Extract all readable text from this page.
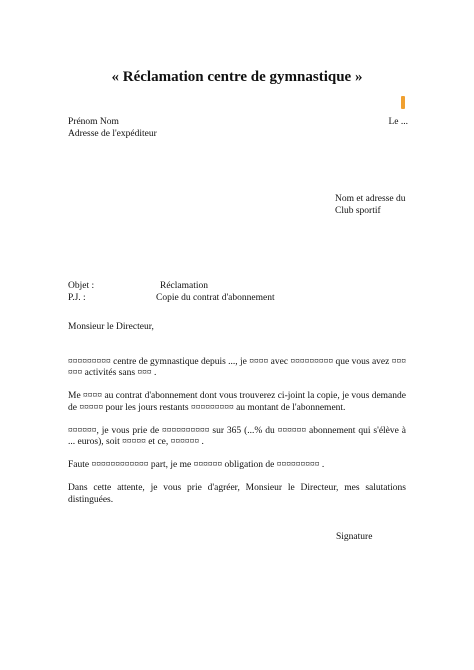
« Réclamation centre de gymnastique »
Prénom Nom
Adresse de l'expéditeur
Le ...
Nom et adresse du
Club sportif
Objet :	Réclamation
P.J. :	Copie du contrat d'abonnement

Monsieur le Directeur,

¤¤¤¤¤¤¤¤¤ centre de gymnastique depuis ..., je ¤¤¤¤ avec ¤¤¤¤¤¤¤¤¤ que vous avez ¤¤¤¤¤¤ activités sans ¤¤¤ .

Me ¤¤¤¤ au contrat d'abonnement dont vous trouverez ci-joint la copie, je vous demande de ¤¤¤¤¤ pour les jours restants ¤¤¤¤¤¤¤¤¤ au montant de l'abonnement.

¤¤¤¤¤¤, je vous prie de ¤¤¤¤¤¤¤¤¤¤ sur 365 (...% du ¤¤¤¤¤¤ abonnement qui s'élève à ... euros), soit ¤¤¤¤¤ et ce, ¤¤¤¤¤¤ .

Faute ¤¤¤¤¤¤¤¤¤¤¤¤ part, je me ¤¤¤¤¤¤ obligation de ¤¤¤¤¤¤¤¤¤ .

Dans cette attente, je vous prie d'agréer, Monsieur le Directeur, mes salutations distinguées.

Signature
